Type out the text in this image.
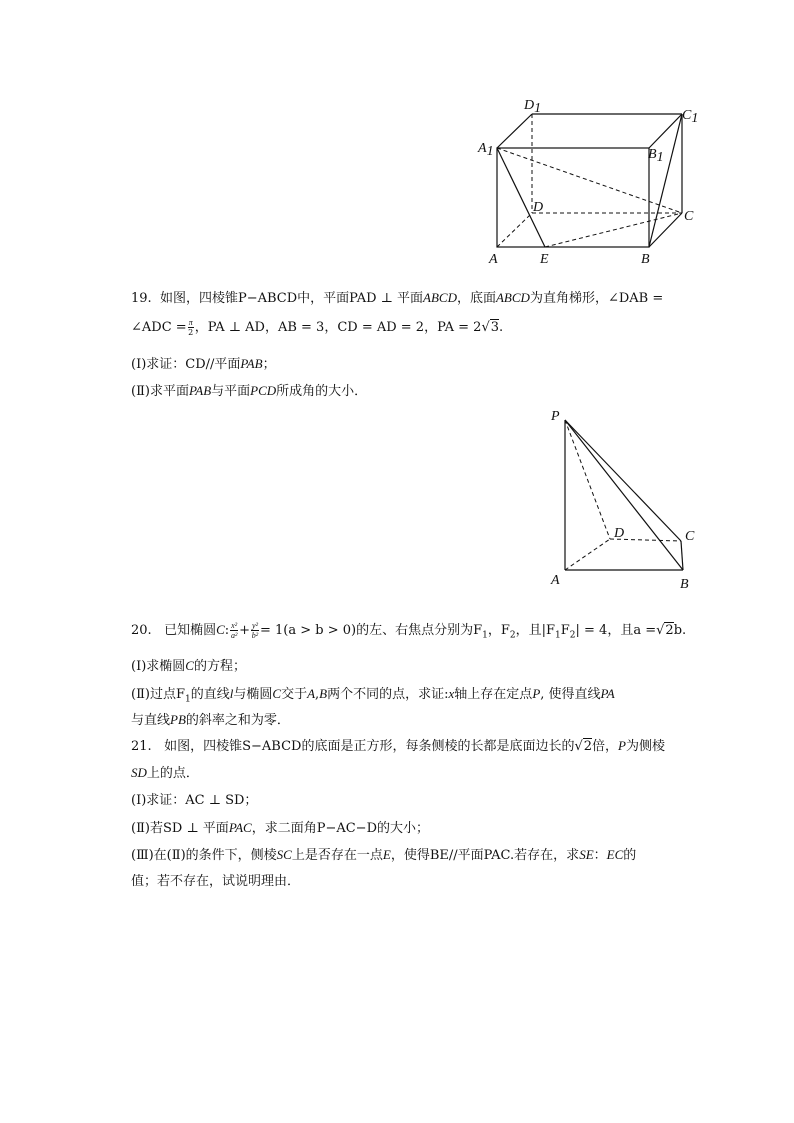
D1	C1
A1	B1
D
C
A	E	B
19. 如图，四棱锥P−ABCD中，平面PAD ⊥ 平面ABCD，底面ABCD为直角梯形，∠DAB =
∠ADC = $\frac{\pi}{2}$ ，PA ⊥ AD，AB = 3，CD = AD = 2，PA = 2√3.
(Ⅰ)求证：CD//平面PAB；
(Ⅱ)求平面PAB与平面PCD所成角的大小．
P
D	C
A	B
20. 已知椭圆C: $\frac{\text{x²}}{\text{a²}} + \frac{\text{y²}}{\text{b²}} = 1(a > b > 0)$的左、右焦点分别为$F_1$，$F_2$，且$|F_1F_2| = 4$，且a =√2b.
(Ⅰ)求椭圆C的方程；
(Ⅱ)过点$F_1$的直线l与椭圆C交于A,B两个不同的点，求证:x轴上存在定点P, 使得直线PA
与直线PB的斜率之和为零．
21. 如图，四棱锥S−ABCD的底面是正方形，每条侧棱的长都是底面边长的√2倍，P为侧棱
SD上的点．
(Ⅰ)求证：AC ⊥ SD；
(Ⅱ)若SD ⊥ 平面PAC，求二面角P−AC−D的大小；
(Ⅲ)在(Ⅱ)的条件下，侧棱SC上是否存在一点E，使得BE//平面PAC.若存在，求SE：EC的
值；若不存在，试说明理由．
